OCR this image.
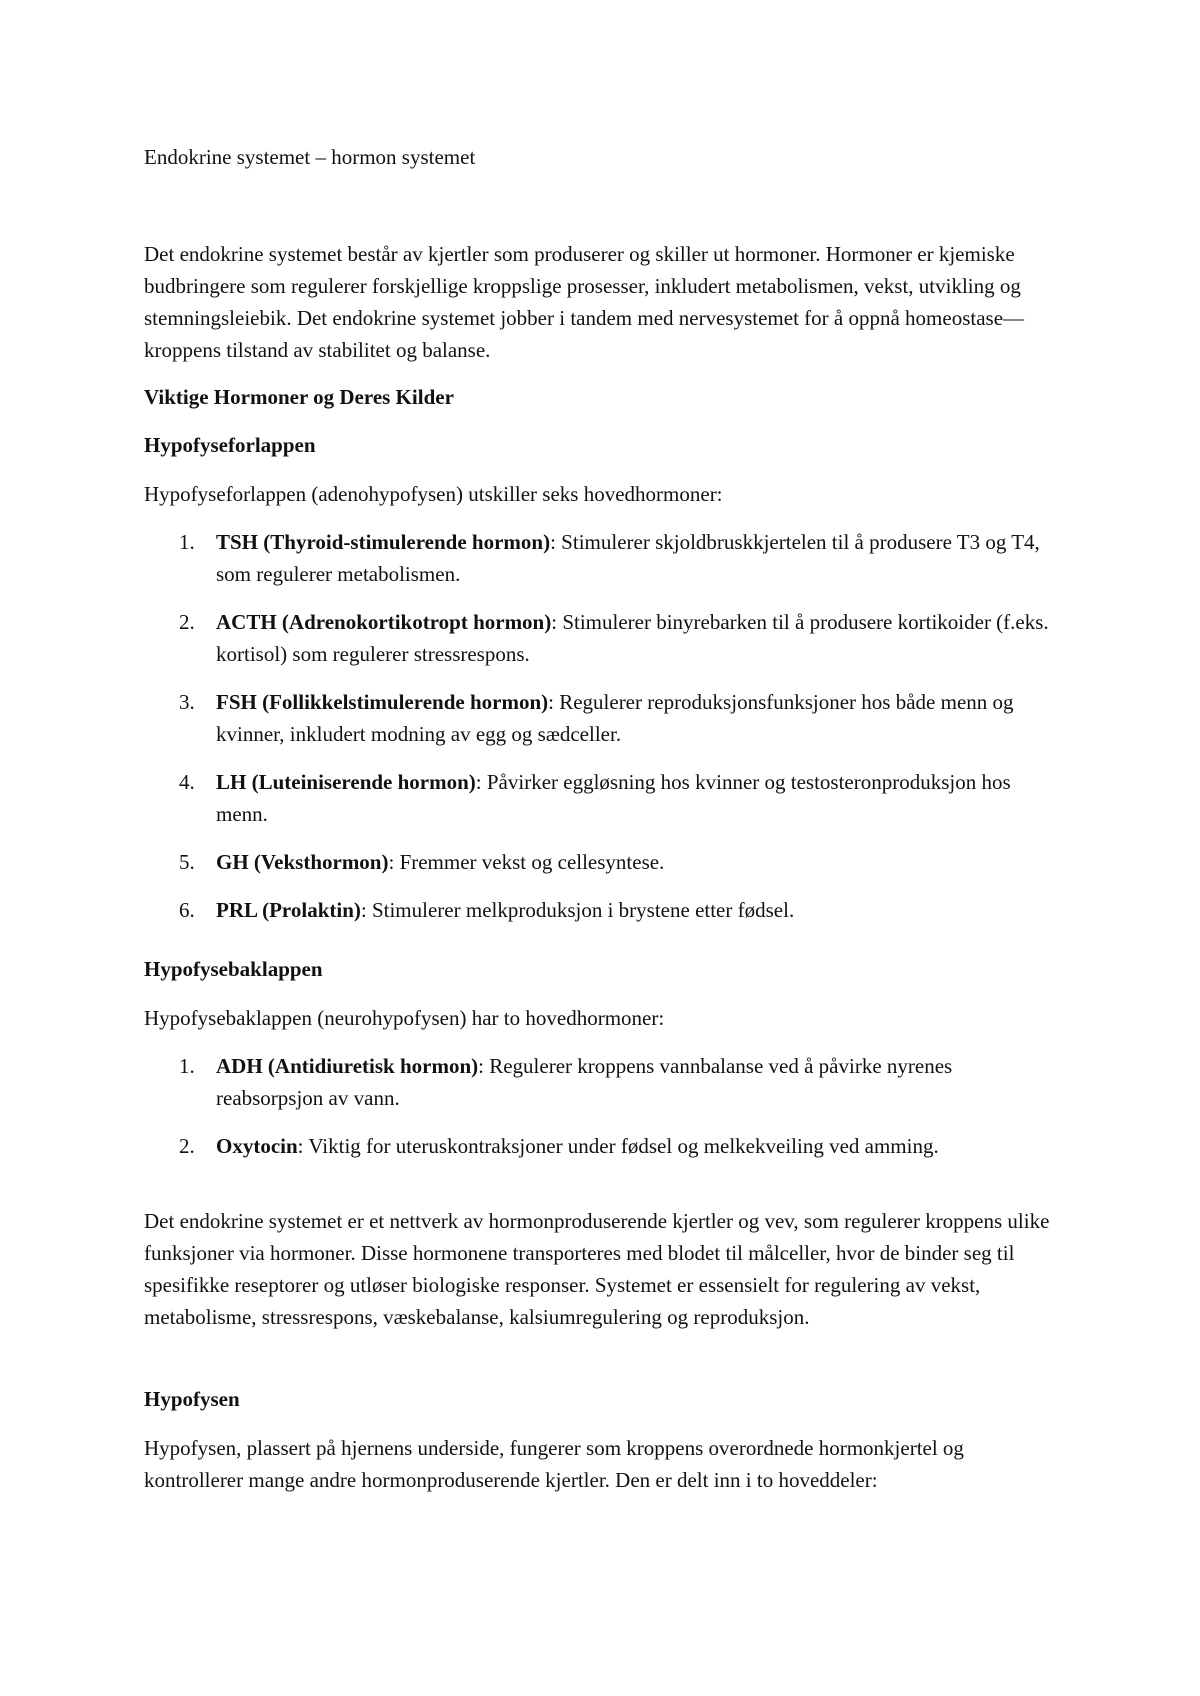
Endokrine systemet – hormon systemet

Det endokrine systemet består av kjertler som produserer og skiller ut hormoner. Hormoner er kjemiske budbringere som regulerer forskjellige kroppslige prosesser, inkludert metabolismen, vekst, utvikling og stemningsleiebik. Det endokrine systemet jobber i tandem med nervesystemet for å oppnå homeostase—kroppens tilstand av stabilitet og balanse.

Viktige Hormoner og Deres Kilder

Hypofyseforlappen

Hypofyseforlappen (adenohypofysen) utskiller seks hovedhormoner:

1. TSH (Thyroid-stimulerende hormon): Stimulerer skjoldbruskkjertelen til å produsere T3 og T4, som regulerer metabolismen.
2. ACTH (Adrenokortikotropt hormon): Stimulerer binyrebarken til å produsere kortikoider (f.eks. kortisol) som regulerer stressrespons.
3. FSH (Follikkelstimulerende hormon): Regulerer reproduksjonsfunksjoner hos både menn og kvinner, inkludert modning av egg og sædceller.
4. LH (Luteiniserende hormon): Påvirker eggløsning hos kvinner og testosteronproduksjon hos menn.
5. GH (Veksthormon): Fremmer vekst og cellesyntese.
6. PRL (Prolaktin): Stimulerer melkproduksjon i brystene etter fødsel.

Hypofysebaklappen

Hypofysebaklappen (neurohypofysen) har to hovedhormoner:

1. ADH (Antidiuretisk hormon): Regulerer kroppens vannbalanse ved å påvirke nyrenes reabsorpsjon av vann.
2. Oxytocin: Viktig for uteruskontraksjoner under fødsel og melkekveiling ved amming.

Det endokrine systemet er et nettverk av hormonproduserende kjertler og vev, som regulerer kroppens ulike funksjoner via hormoner. Disse hormonene transporteres med blodet til målceller, hvor de binder seg til spesifikke reseptorer og utløser biologiske responser. Systemet er essensielt for regulering av vekst, metabolisme, stressrespons, væskebalanse, kalsiumregulering og reproduksjon.

Hypofysen

Hypofysen, plassert på hjernens underside, fungerer som kroppens overordnede hormonkjertel og kontrollerer mange andre hormonproduserende kjertler. Den er delt inn i to hoveddeler:
